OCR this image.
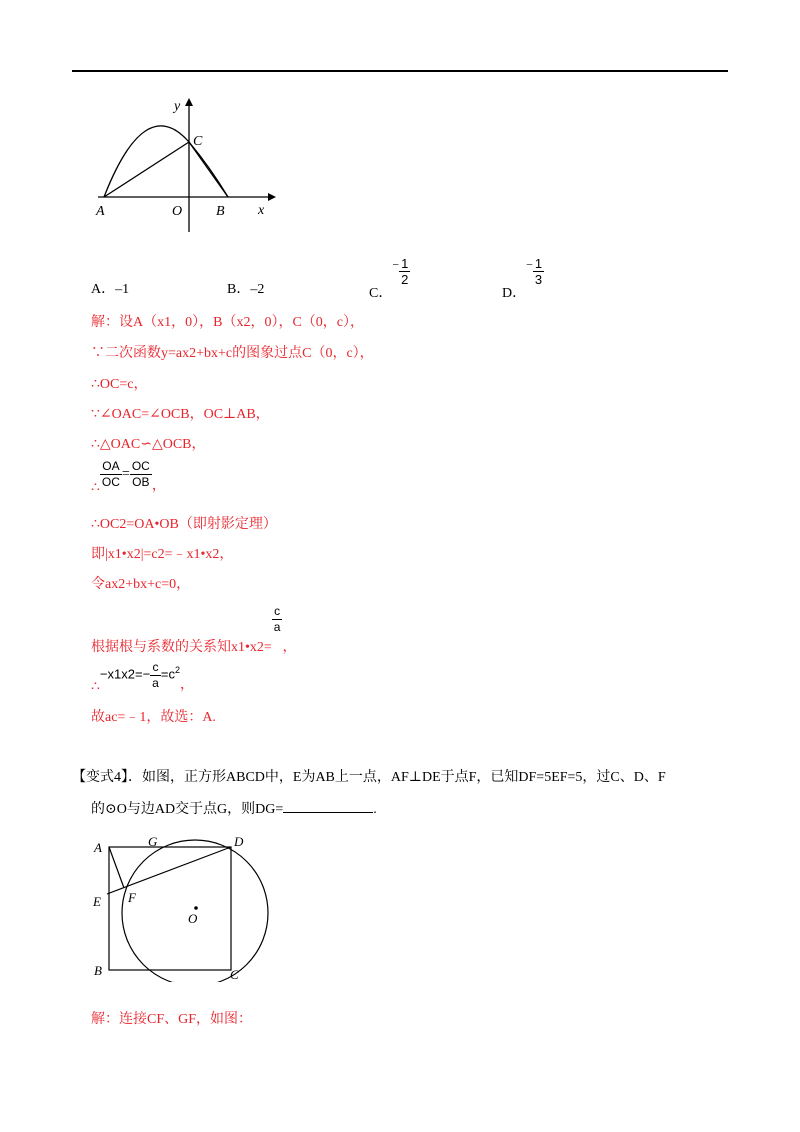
y
x
A	O B
C
A．‒1	B．‒2	C．− $\frac{1}{2}$
D．− $\frac{1}{3}$
解：设A（x1，0），B（x2，0），C（0，c），
∵二次函数y=ax2+bx+c的图象过点C（0，c），
∴OC=c，
∵∠OAC=∠OCB，OC⊥AB，
∴△OAC∽△OCB，
∴ $\frac{OA}{OC} = \frac{OC}{OB}$ ，
∴OC2=OA•OB（即射影定理）
即|x1•x2|=c2=﹣x1•x2，
令ax2+bx+c=0，
根据根与系数的关系知x1•x2=
$\frac{c}{a}$
，
∴−x1x2=− $\frac{c}{a} =c^2$，
故ac=﹣1，故选：A.
【变式4】．如图，正方形ABCD中，E为AB上一点，AF⊥DE于点F，已知DF=5EF=5，过C、D、F
的⊙O与边AD交于点G，则DG=	.
A	G	D
E F
O
B	C
解：连接CF、GF，如图：
